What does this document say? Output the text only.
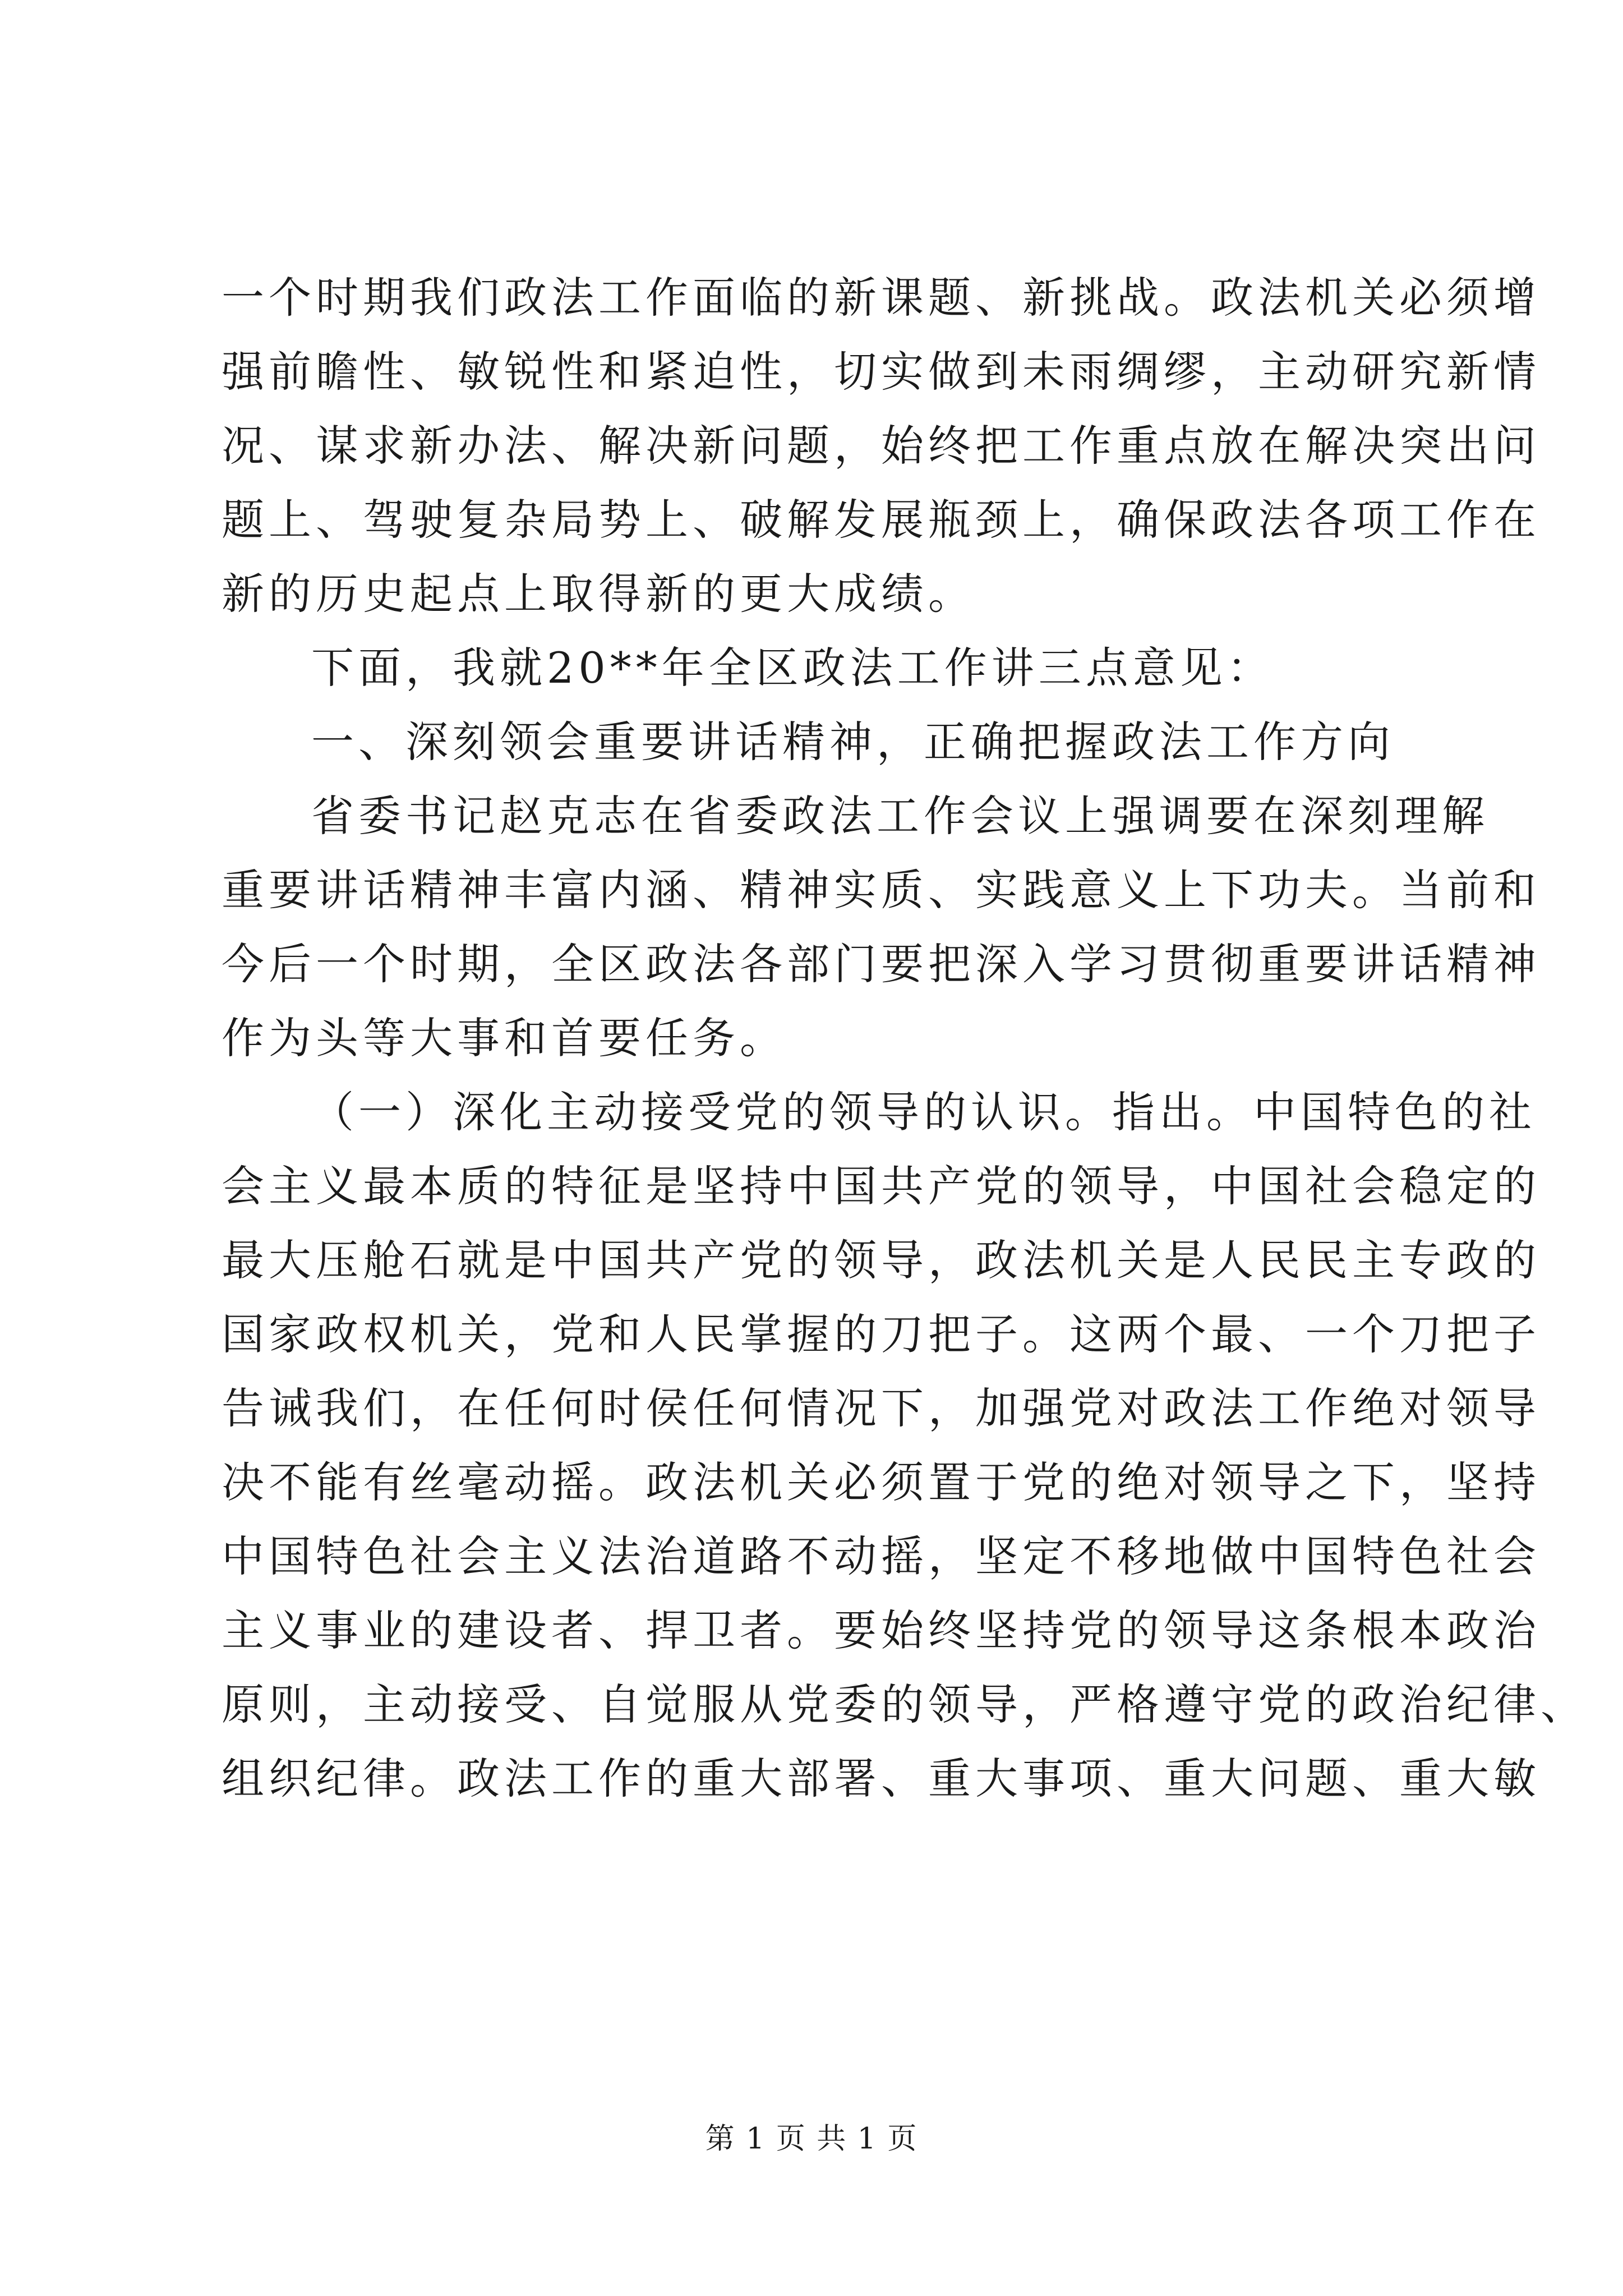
一个时期我们政法工作面临的新课题、新挑战。政法机关必须增
强前瞻性、敏锐性和紧迫性，切实做到未雨绸缪，主动研究新情
况、谋求新办法、解决新问题，始终把工作重点放在解决突出问
题上、驾驶复杂局势上、破解发展瓶颈上，确保政法各项工作在
新的历史起点上取得新的更大成绩。
下面，我就20**年全区政法工作讲三点意见：
一、深刻领会重要讲话精神，正确把握政法工作方向
省委书记赵克志在省委政法工作会议上强调要在深刻理解
重要讲话精神丰富内涵、精神实质、实践意义上下功夫。当前和
今后一个时期，全区政法各部门要把深入学习贯彻重要讲话精神
作为头等大事和首要任务。
（一）深化主动接受党的领导的认识。指出。中国特色的社
会主义最本质的特征是坚持中国共产党的领导，中国社会稳定的
最大压舱石就是中国共产党的领导，政法机关是人民民主专政的
国家政权机关，党和人民掌握的刀把子。这两个最、一个刀把子
告诫我们，在任何时侯任何情况下，加强党对政法工作绝对领导
决不能有丝毫动摇。政法机关必须置于党的绝对领导之下，坚持
中国特色社会主义法治道路不动摇，坚定不移地做中国特色社会
主义事业的建设者、捍卫者。要始终坚持党的领导这条根本政治
原则，主动接受、自觉服从党委的领导，严格遵守党的政治纪律、
组织纪律。政法工作的重大部署、重大事项、重大问题、重大敏
第 1 页 共 1 页
